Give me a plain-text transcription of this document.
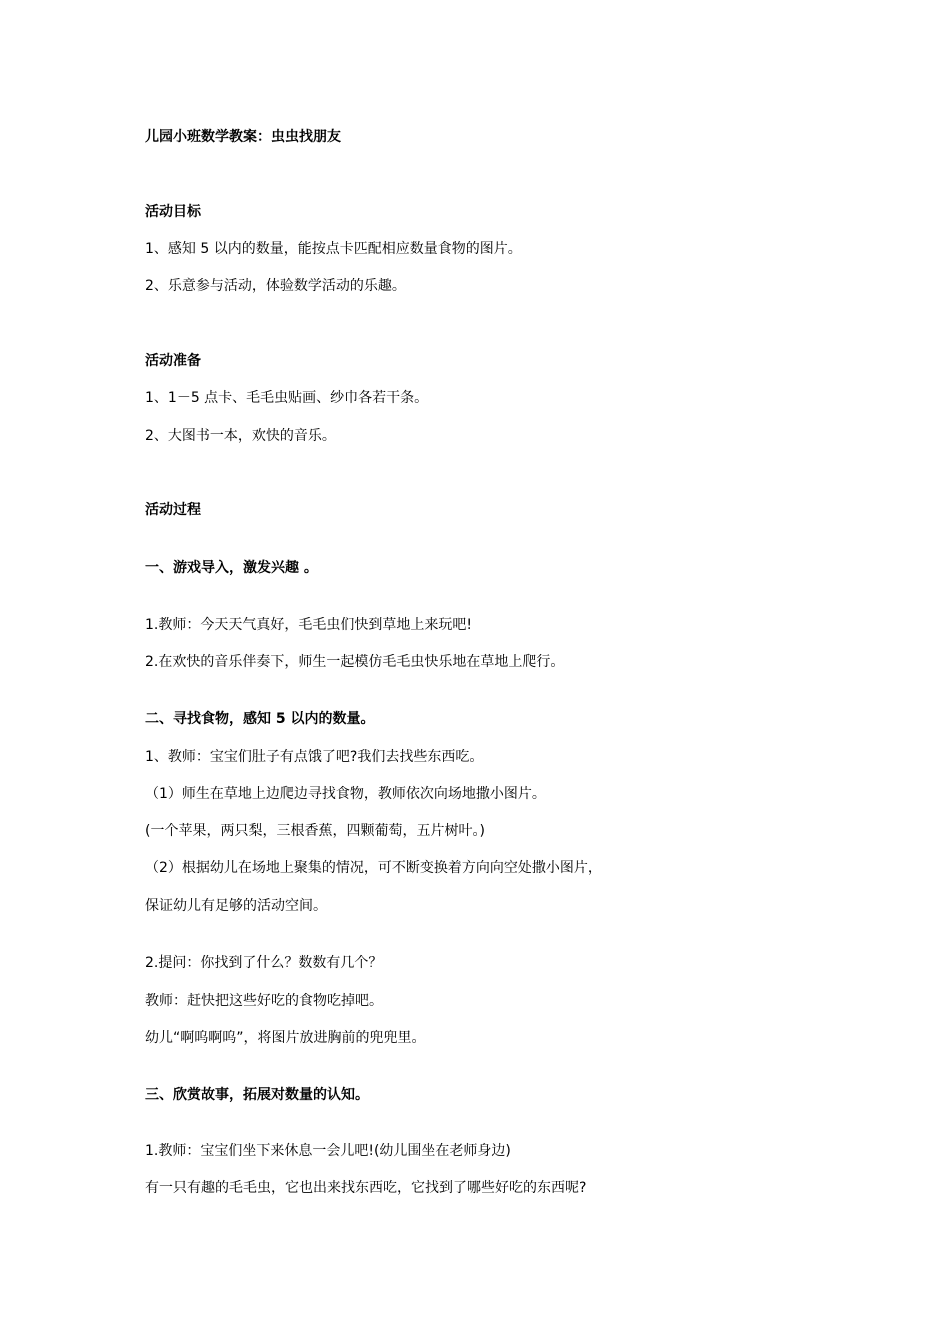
儿园小班数学教案：虫虫找朋友
活动目标
1、感知 5 以内的数量，能按点卡匹配相应数量食物的图片。
2、乐意参与活动，体验数学活动的乐趣。
活动准备
1、1－5 点卡、毛毛虫贴画、纱巾各若干条。
2、大图书一本，欢快的音乐。
活动过程
一、游戏导入，激发兴趣 。
1.教师：今天天气真好，毛毛虫们快到草地上来玩吧!
2.在欢快的音乐伴奏下，师生一起模仿毛毛虫快乐地在草地上爬行。
二、寻找食物，感知 5 以内的数量。
1、教师：宝宝们肚子有点饿了吧?我们去找些东西吃。
（1）师生在草地上边爬边寻找食物，教师依次向场地撒小图片。
(一个苹果，两只梨，三根香蕉，四颗葡萄，五片树叶。)
（2）根据幼儿在场地上聚集的情况，可不断变换着方向向空处撒小图片，
保证幼儿有足够的活动空间。
2.提问：你找到了什么？数数有几个？
教师：赶快把这些好吃的食物吃掉吧。
幼儿“啊呜啊呜”，将图片放进胸前的兜兜里。
三、欣赏故事，拓展对数量的认知。
1.教师：宝宝们坐下来休息一会儿吧!(幼儿围坐在老师身边)
有一只有趣的毛毛虫，它也出来找东西吃，它找到了哪些好吃的东西呢?
